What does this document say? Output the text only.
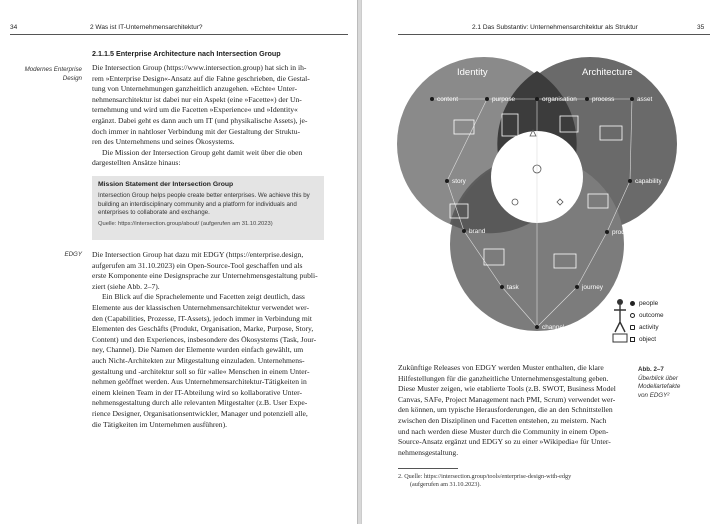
34	2 Was ist IT-Unternehmensarchitektur?
2.1.1.5 Enterprise Architecture nach Intersection Group
Modernes Enterprise
Design
Die Intersection Group (https://www.intersection.group) hat sich in ih-
rem »Enterprise Design«-Ansatz auf die Fahne geschrieben, die Gestal-
tung von Unternehmungen ganzheitlich anzugehen. »Echte« Unter-
nehmensarchitektur ist dabei nur ein Aspekt (eine »Facette«) der Un-
ternehmung und wird um die Facetten »Experience« und »Identity«
ergänzt. Dabei geht es dann auch um IT (und physikalische Assets), je-
doch immer in nahtloser Verbindung mit der Gestaltung der Struktu-
ren des Unternehmens und seines Ökosystems.
Die Mission der Intersection Group geht damit weit über die oben
dargestellten Ansätze hinaus:
Mission Statement der Intersection Group
Intersection Group helps people create better enterprises. We achieve this by
building an interdisciplinary community and a platform for individuals and
enterprises to collaborate and exchange.
Quelle: https://intersection.group/about/ (aufgerufen am 31.10.2023)
EDGY Die Intersection Group hat dazu mit EDGY (https://enterprise.design,
aufgerufen am 31.10.2023) ein Open-Source-Tool geschaffen und als
erste Komponente eine Designsprache zur Unternehmensgestaltung publi-
ziert (siehe Abb. 2–7).
Ein Blick auf die Sprachelemente und Facetten zeigt deutlich, dass
Elemente aus der klassischen Unternehmensarchitektur verwendet wer-
den (Capabilities, Prozesse, IT-Assets), jedoch immer in Verbindung mit
Elementen des Geschäfts (Produkt, Organisation, Marke, Purpose, Story,
Content) und den Experiences, insbesondere des Ökosystems (Task, Jour-
ney, Channel). Die Namen der Elemente wurden einfach gewählt, um
auch Nicht-Architekten zur Mitgestaltung einzuladen. Unternehmens-
gestaltung und -architektur soll so für »alle« Menschen in einem Unter-
nehmen geöffnet werden. Aus Unternehmensarchitektur-Tätigkeiten in
einem kleinen Team in der IT-Abteilung wird so kollaborative Unter-
nehmensgestaltung durch alle relevanten Mitgestalter (z.B. User Expe-
rience Designer, Organisationsentwickler, Manager und potenziell alle,
die Tätigkeiten im Unternehmen ausführen).
2.1 Das Substantiv: Unternehmensarchitektur als Struktur	35
Identity	Architecture
Experience
content	purpose	organisation process	asset
story	capability
brand	product
task	journey
channel
people
outcome
activity
object
Abb. 2–7
Überblick über
Modellartefakte
von EDGY²
Zukünftige Releases von EDGY werden Muster enthalten, die klare
Hilfestellungen für die ganzheitliche Unternehmensgestaltung geben.
Diese Muster zeigen, wie etablierte Tools (z.B. SWOT, Business Model
Canvas, SAFe, Project Management nach PMI, Scrum) verwendet wer-
den können, um typische Herausforderungen, die an den Schnittstellen
zwischen den Disziplinen und Facetten entstehen, zu meistern. Nach
und nach werden diese Muster durch die Community in einem Open-
Source-Ansatz ergänzt und EDGY so zu einer »Wikipedia« für Unter-
nehmensgestaltung.
2. Quelle: https://intersection.group/tools/enterprise-design-with-edgy
(aufgerufen am 31.10.2023).
